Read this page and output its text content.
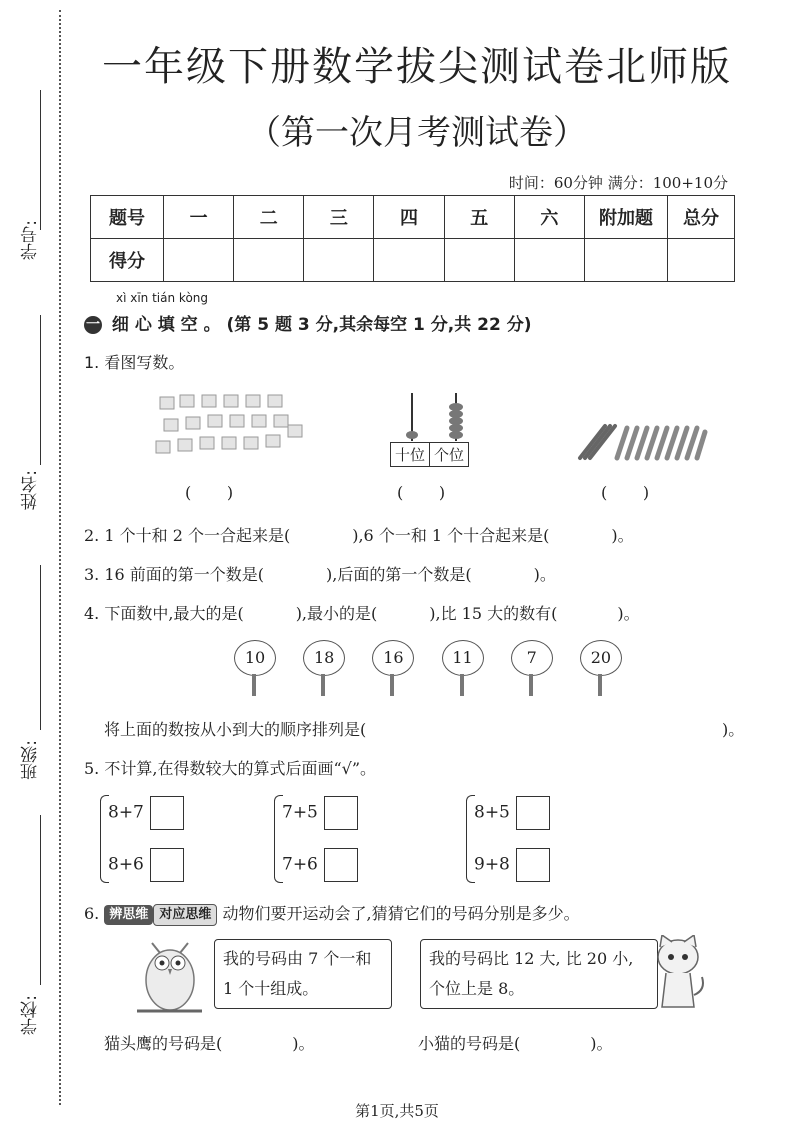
学号:
姓名:
班级:
学校:
一年级下册数学拔尖测试卷北师版
（第一次月考测试卷）
时间：60分钟 满分：100+10分
题号	一	二	三	四	五	六	附加题	总分
得分								
xì xīn tián kòng
一 细 心 填 空 。 (第 5 题 3 分,其余每空 1 分,共 22 分)
1. 看图写数。
十位 个位
(       )	(       )	(       )
2. 1 个十和 2 个一合起来是(	),6 个一和 1 个十合起来是(	)。
3. 16 前面的第一个数是(	),后面的第一个数是(	)。
4. 下面数中,最大的是(	),最小的是(	),比 15 大的数有(	)。
10	18	16	11	7	20
将上面的数按从小到大的顺序排列是(	)。
5. 不计算,在得数较大的算式后面画“√”。
8+7
8+6
7+5
7+6
8+5
9+8
6. 辨思维 对应思维 动物们要开运动会了,猜猜它们的号码分别是多少。
我的号码由 7 个一和 1 个十组成。
我的号码比 12 大, 比 20 小, 个位上是 8。
猫头鹰的号码是(	)。	小猫的号码是(	)。
第1页,共5页
